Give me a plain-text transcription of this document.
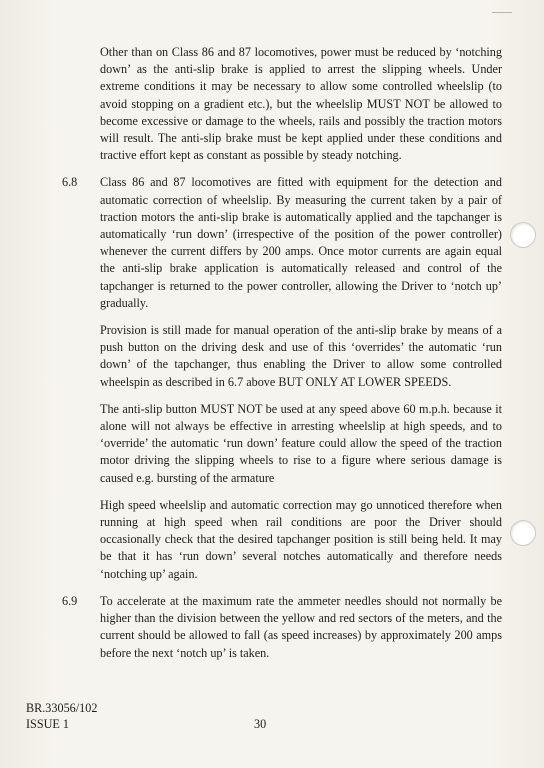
Other than on Class 86 and 87 locomotives, power must be reduced by ‘notching down’ as the anti-slip brake is applied to arrest the slipping wheels. Under extreme conditions it may be necessary to allow some controlled wheelslip (to avoid stopping on a gradient etc.), but the wheelslip MUST NOT be allowed to become excessive or damage to the wheels, rails and possibly the traction motors will result. The anti-slip brake must be kept applied under these conditions and tractive effort kept as constant as possible by steady notching.

6.8 Class 86 and 87 locomotives are fitted with equipment for the detection and automatic correction of wheelslip. By measuring the current taken by a pair of traction motors the anti-slip brake is automatically applied and the tapchanger is automatically ‘run down’ (irrespective of the position of the power controller) whenever the current differs by 200 amps. Once motor currents are again equal the anti-slip brake application is automatically released and control of the tapchanger is returned to the power controller, allowing the Driver to ‘notch up’ gradually.

Provision is still made for manual operation of the anti-slip brake by means of a push button on the driving desk and use of this ‘overrides’ the automatic ‘run down’ of the tapchanger, thus enabling the Driver to allow some controlled wheelspin as described in 6.7 above BUT ONLY AT LOWER SPEEDS.

The anti-slip button MUST NOT be used at any speed above 60 m.p.h. because it alone will not always be effective in arresting wheelslip at high speeds, and to ‘override’ the automatic ‘run down’ feature could allow the speed of the traction motor driving the slipping wheels to rise to a figure where serious damage is caused e.g. bursting of the armature

High speed wheelslip and automatic correction may go unnoticed therefore when running at high speed when rail conditions are poor the Driver should occasionally check that the desired tapchanger position is still being held. It may be that it has ‘run down’ several notches automatically and therefore needs ‘notching up’ again.

6.9 To accelerate at the maximum rate the ammeter needles should not normally be higher than the division between the yellow and red sectors of the meters, and the current should be allowed to fall (as speed increases) by approximately 200 amps before the next ‘notch up’ is taken.

BR.33056/102
ISSUE 1	30
